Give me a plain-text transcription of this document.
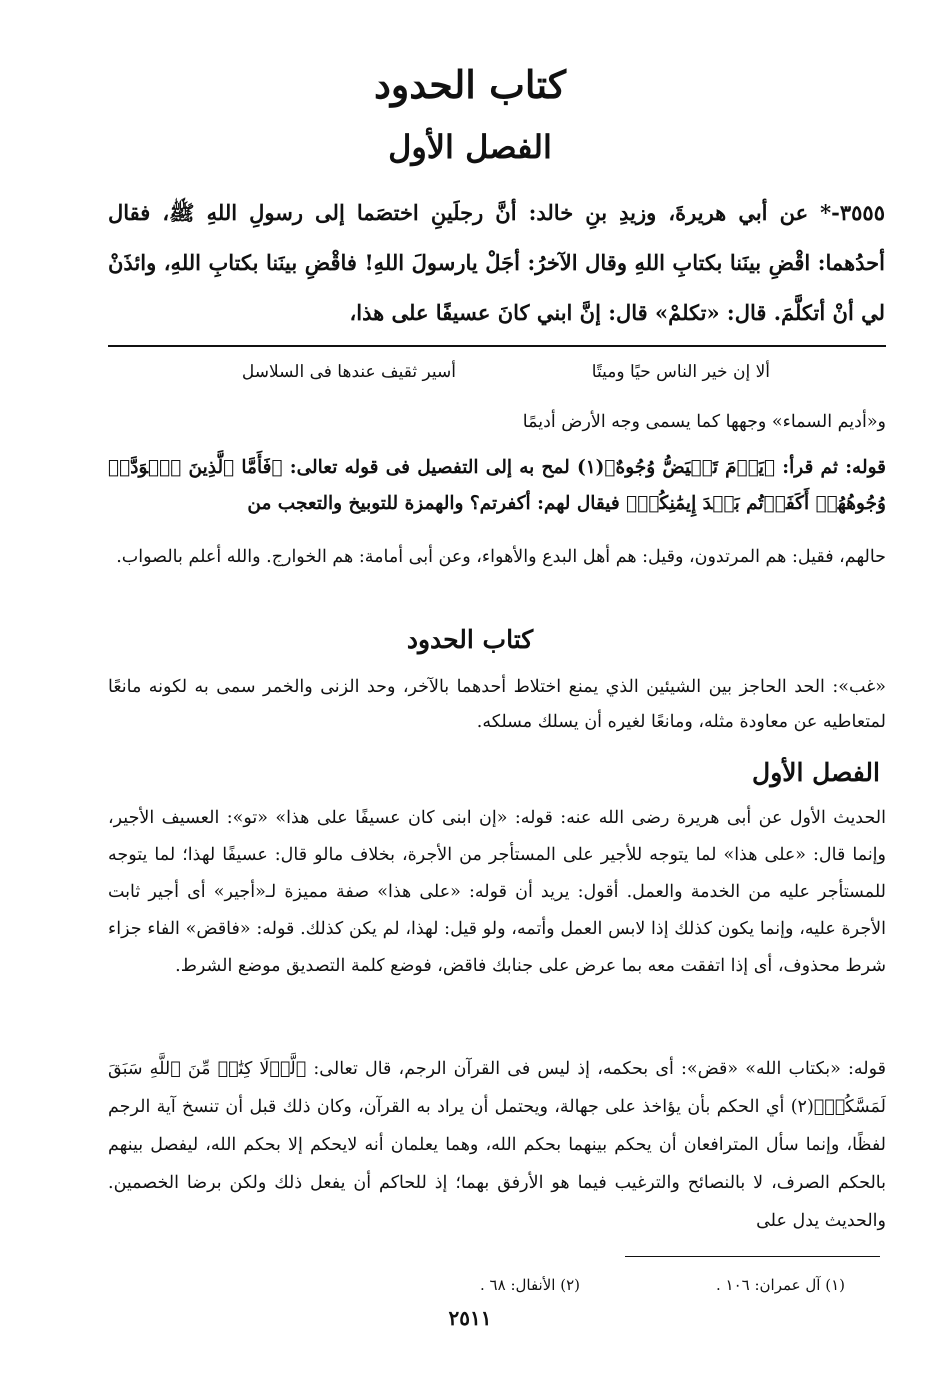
كتاب الحدود
الفصل الأول

٣٥٥٥-* عن أبي هريرةَ، وزيدِ بنِ خالد: أنَّ رجلَينِ اختصَما إلى رسولِ اللهِ ﷺ، فقال أحدُهما: اقْضِ بينَنا بكتابِ اللهِ وقال الآخرُ: أجَلْ يارسولَ اللهِ! فاقْضِ بينَنا بكتابِ اللهِ، وائذَنْ لي أنْ أتكلَّمَ. قال: «تكلمْ» قال: إنَّ ابني كانَ عسيفًا على هذا،

ألا إن خير الناس حيًا وميتًا
أسير ثقيف عندها فى السلاسل

و«أديم السماء» وجهها كما يسمى وجه الأرض أديمًا

قوله: ثم قرأ: ﴿يَوۡمَ تَبۡيَضُّ وُجُوهٌ﴾(١) لمح به إلى التفصيل فى قوله تعالى: ﴿فَأَمَّا ٱلَّذِينَ ٱسۡوَدَّتۡ وُجُوهُهُمۡ أَكَفَرۡتُم بَعۡدَ إِيمَٰنِكُمۡ﴾ فيقال لهم: أكفرتم؟ والهمزة للتوبيخ والتعجب من

حالهم، فقيل: هم المرتدون، وقيل: هم أهل البدع والأهواء، وعن أبى أمامة: هم الخوارج. والله أعلم بالصواب.

كتاب الحدود

«غب»: الحد الحاجز بين الشيئين الذي يمنع اختلاط أحدهما بالآخر، وحد الزنى والخمر سمى به لكونه مانعًا لمتعاطيه عن معاودة مثله، ومانعًا لغيره أن يسلك مسلكه.

الفصل الأول

الحديث الأول عن أبى هريرة رضى الله عنه: قوله: «إن ابنى كان عسيفًا على هذا» «تو»: العسيف الأجير، وإنما قال: «على هذا» لما يتوجه للأجير على المستأجر من الأجرة، بخلاف مالو قال: عسيفًا لهذا؛ لما يتوجه للمستأجر عليه من الخدمة والعمل. أقول: يريد أن قوله: «على هذا» صفة مميزة لـ«أجير» أى أجير ثابت الأجرة عليه، وإنما يكون كذلك إذا لابس العمل وأتمه، ولو قيل: لهذا، لم يكن كذلك. قوله: «فاقض» الفاء جزاء شرط محذوف، أى إذا اتفقت معه بما عرض على جنابك فاقض، فوضع كلمة التصديق موضع الشرط.

قوله: «بكتاب الله» «قض»: أى بحكمه، إذ ليس فى القرآن الرجم، قال تعالى: ﴿لَّوۡلَا كِتَٰبٞ مِّنَ ٱللَّهِ سَبَقَ لَمَسَّكُمۡ﴾(٢) أي الحكم بأن يؤاخذ على جهالة، ويحتمل أن يراد به القرآن، وكان ذلك قبل أن تنسخ آية الرجم لفظًا، وإنما سأل المترافعان أن يحكم بينهما بحكم الله، وهما يعلمان أنه لايحكم إلا بحكم الله، ليفصل بينهم بالحكم الصرف، لا بالنصائح والترغيب فيما هو الأرفق بهما؛ إذ للحاكم أن يفعل ذلك ولكن برضا الخصمين. والحديث يدل على

(١) آل عمران: ١٠٦ .
(٢) الأنفال: ٦٨ .
٢٥١١
